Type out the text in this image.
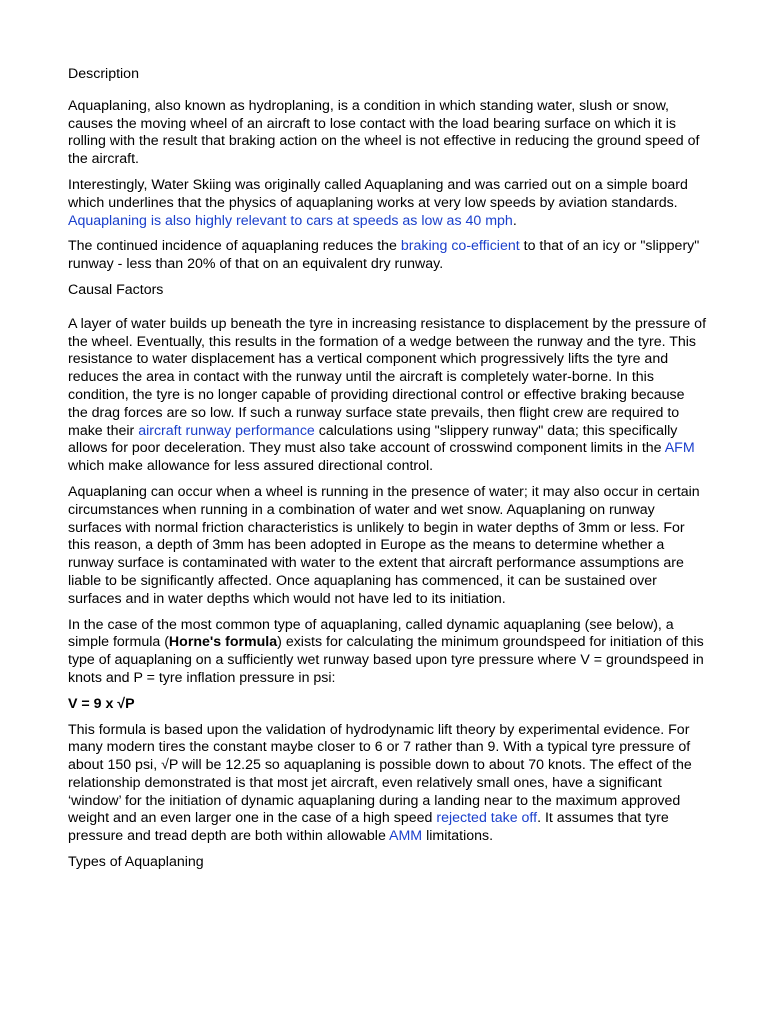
Description

Aquaplaning, also known as hydroplaning, is a condition in which standing water, slush or snow, causes the moving wheel of an aircraft to lose contact with the load bearing surface on which it is rolling with the result that braking action on the wheel is not effective in reducing the ground speed of the aircraft.

Interestingly, Water Skiing was originally called Aquaplaning and was carried out on a simple board which underlines that the physics of aquaplaning works at very low speeds by aviation standards. Aquaplaning is also highly relevant to cars at speeds as low as 40 mph.

The continued incidence of aquaplaning reduces the braking co-efficient to that of an icy or "slippery" runway - less than 20% of that on an equivalent dry runway.

Causal Factors

A layer of water builds up beneath the tyre in increasing resistance to displacement by the pressure of the wheel. Eventually, this results in the formation of a wedge between the runway and the tyre. This resistance to water displacement has a vertical component which progressively lifts the tyre and reduces the area in contact with the runway until the aircraft is completely water-borne. In this condition, the tyre is no longer capable of providing directional control or effective braking because the drag forces are so low. If such a runway surface state prevails, then flight crew are required to make their aircraft runway performance calculations using "slippery runway" data; this specifically allows for poor deceleration. They must also take account of crosswind component limits in the AFM which make allowance for less assured directional control.

Aquaplaning can occur when a wheel is running in the presence of water; it may also occur in certain circumstances when running in a combination of water and wet snow. Aquaplaning on runway surfaces with normal friction characteristics is unlikely to begin in water depths of 3mm or less. For this reason, a depth of 3mm has been adopted in Europe as the means to determine whether a runway surface is contaminated with water to the extent that aircraft performance assumptions are liable to be significantly affected. Once aquaplaning has commenced, it can be sustained over surfaces and in water depths which would not have led to its initiation.

In the case of the most common type of aquaplaning, called dynamic aquaplaning (see below), a simple formula (Horne's formula) exists for calculating the minimum groundspeed for initiation of this type of aquaplaning on a sufficiently wet runway based upon tyre pressure where V = groundspeed in knots and P = tyre inflation pressure in psi:

V = 9 x √P

This formula is based upon the validation of hydrodynamic lift theory by experimental evidence. For many modern tires the constant maybe closer to 6 or 7 rather than 9. With a typical tyre pressure of about 150 psi, √P will be 12.25 so aquaplaning is possible down to about 70 knots. The effect of the relationship demonstrated is that most jet aircraft, even relatively small ones, have a significant ‘window’ for the initiation of dynamic aquaplaning during a landing near to the maximum approved weight and an even larger one in the case of a high speed rejected take off. It assumes that tyre pressure and tread depth are both within allowable AMM limitations.

Types of Aquaplaning
